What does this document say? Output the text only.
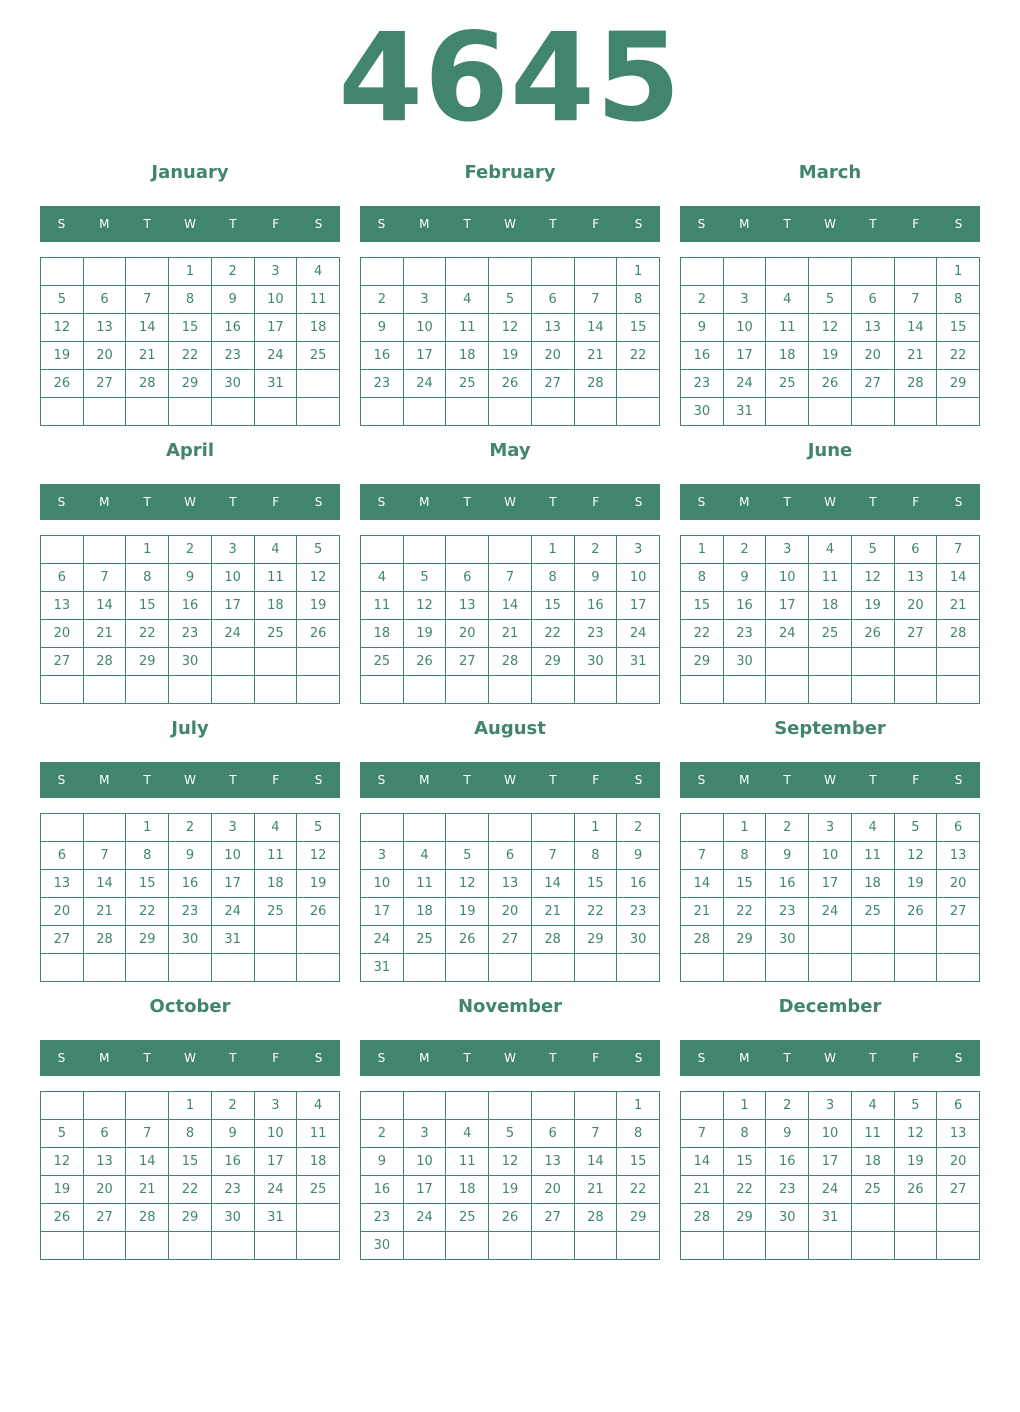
4645
January
S	M	T	W	T	F	S
			1	2	3	4
5	6	7	8	9	10	11
12	13	14	15	16	17	18
19	20	21	22	23	24	25
26	27	28	29	30	31	

February
S	M	T	W	T	F	S
						1
2	3	4	5	6	7	8
9	10	11	12	13	14	15
16	17	18	19	20	21	22
23	24	25	26	27	28	

March
S	M	T	W	T	F	S
						1
2	3	4	5	6	7	8
9	10	11	12	13	14	15
16	17	18	19	20	21	22
23	24	25	26	27	28	29
30	31					
April
S	M	T	W	T	F	S
		1	2	3	4	5
6	7	8	9	10	11	12
13	14	15	16	17	18	19
20	21	22	23	24	25	26
27	28	29	30			

May
S	M	T	W	T	F	S
				1	2	3
4	5	6	7	8	9	10
11	12	13	14	15	16	17
18	19	20	21	22	23	24
25	26	27	28	29	30	31

June
S	M	T	W	T	F	S
1	2	3	4	5	6	7
8	9	10	11	12	13	14
15	16	17	18	19	20	21
22	23	24	25	26	27	28
29	30					

July
S	M	T	W	T	F	S
		1	2	3	4	5
6	7	8	9	10	11	12
13	14	15	16	17	18	19
20	21	22	23	24	25	26
27	28	29	30	31		

August
S	M	T	W	T	F	S
					1	2
3	4	5	6	7	8	9
10	11	12	13	14	15	16
17	18	19	20	21	22	23
24	25	26	27	28	29	30
31						
September
S	M	T	W	T	F	S
	1	2	3	4	5	6
7	8	9	10	11	12	13
14	15	16	17	18	19	20
21	22	23	24	25	26	27
28	29	30				

October
S	M	T	W	T	F	S
			1	2	3	4
5	6	7	8	9	10	11
12	13	14	15	16	17	18
19	20	21	22	23	24	25
26	27	28	29	30	31	

November
S	M	T	W	T	F	S
						1
2	3	4	5	6	7	8
9	10	11	12	13	14	15
16	17	18	19	20	21	22
23	24	25	26	27	28	29
30						
December
S	M	T	W	T	F	S
	1	2	3	4	5	6
7	8	9	10	11	12	13
14	15	16	17	18	19	20
21	22	23	24	25	26	27
28	29	30	31			
